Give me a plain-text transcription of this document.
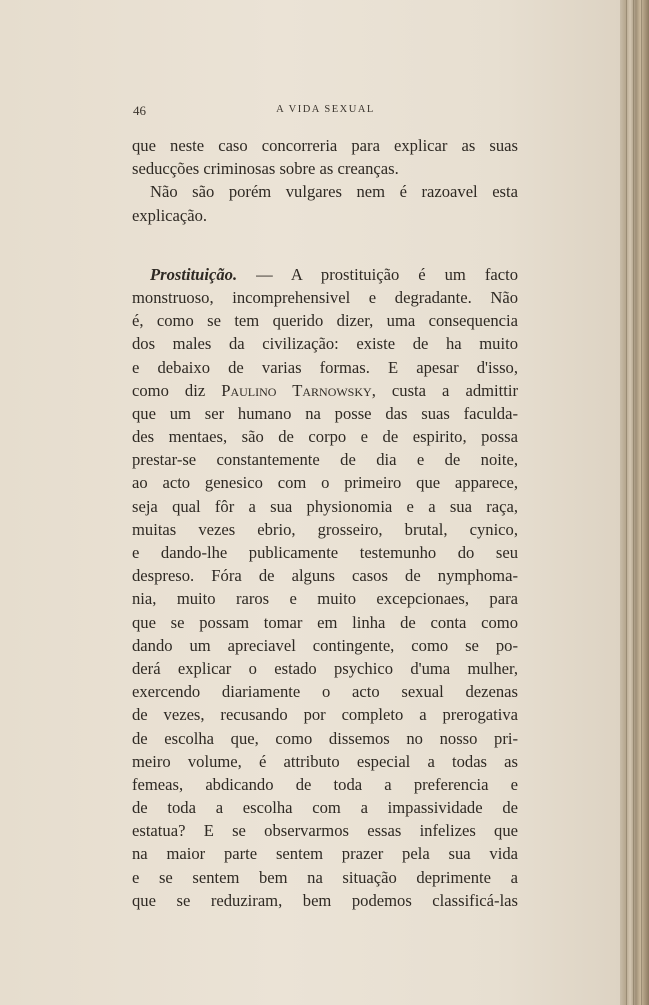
46	A VIDA SEXUAL
que neste caso concorreria para explicar as suas
seducções criminosas sobre as creanças.
Não são porém vulgares nem é razoavel esta
explicação.
Prostituição. — A prostituição é um facto
monstruoso, incomprehensivel e degradante. Não
é, como se tem querido dizer, uma consequencia
dos males da civilização: existe de ha muito
e debaixo de varias formas. E apesar d'isso,
como diz Paulino Tarnowsky, custa a admittir
que um ser humano na posse das suas faculda-
des mentaes, são de corpo e de espirito, possa
prestar-se constantemente de dia e de noite,
ao acto genesico com o primeiro que apparece,
seja qual fôr a sua physionomia e a sua raça,
muitas vezes ebrio, grosseiro, brutal, cynico,
e dando-lhe publicamente testemunho do seu
despreso. Fóra de alguns casos de nymphoma-
nia, muito raros e muito excepcionaes, para
que se possam tomar em linha de conta como
dando um apreciavel contingente, como se po-
derá explicar o estado psychico d'uma mulher,
exercendo diariamente o acto sexual dezenas
de vezes, recusando por completo a prerogativa
de escolha que, como dissemos no nosso pri-
meiro volume, é attributo especial a todas as
femeas, abdicando de toda a preferencia e
de toda a escolha com a impassividade de
estatua? E se observarmos essas infelizes que
na maior parte sentem prazer pela sua vida
e se sentem bem na situação deprimente a
que se reduziram, bem podemos classificá-las
